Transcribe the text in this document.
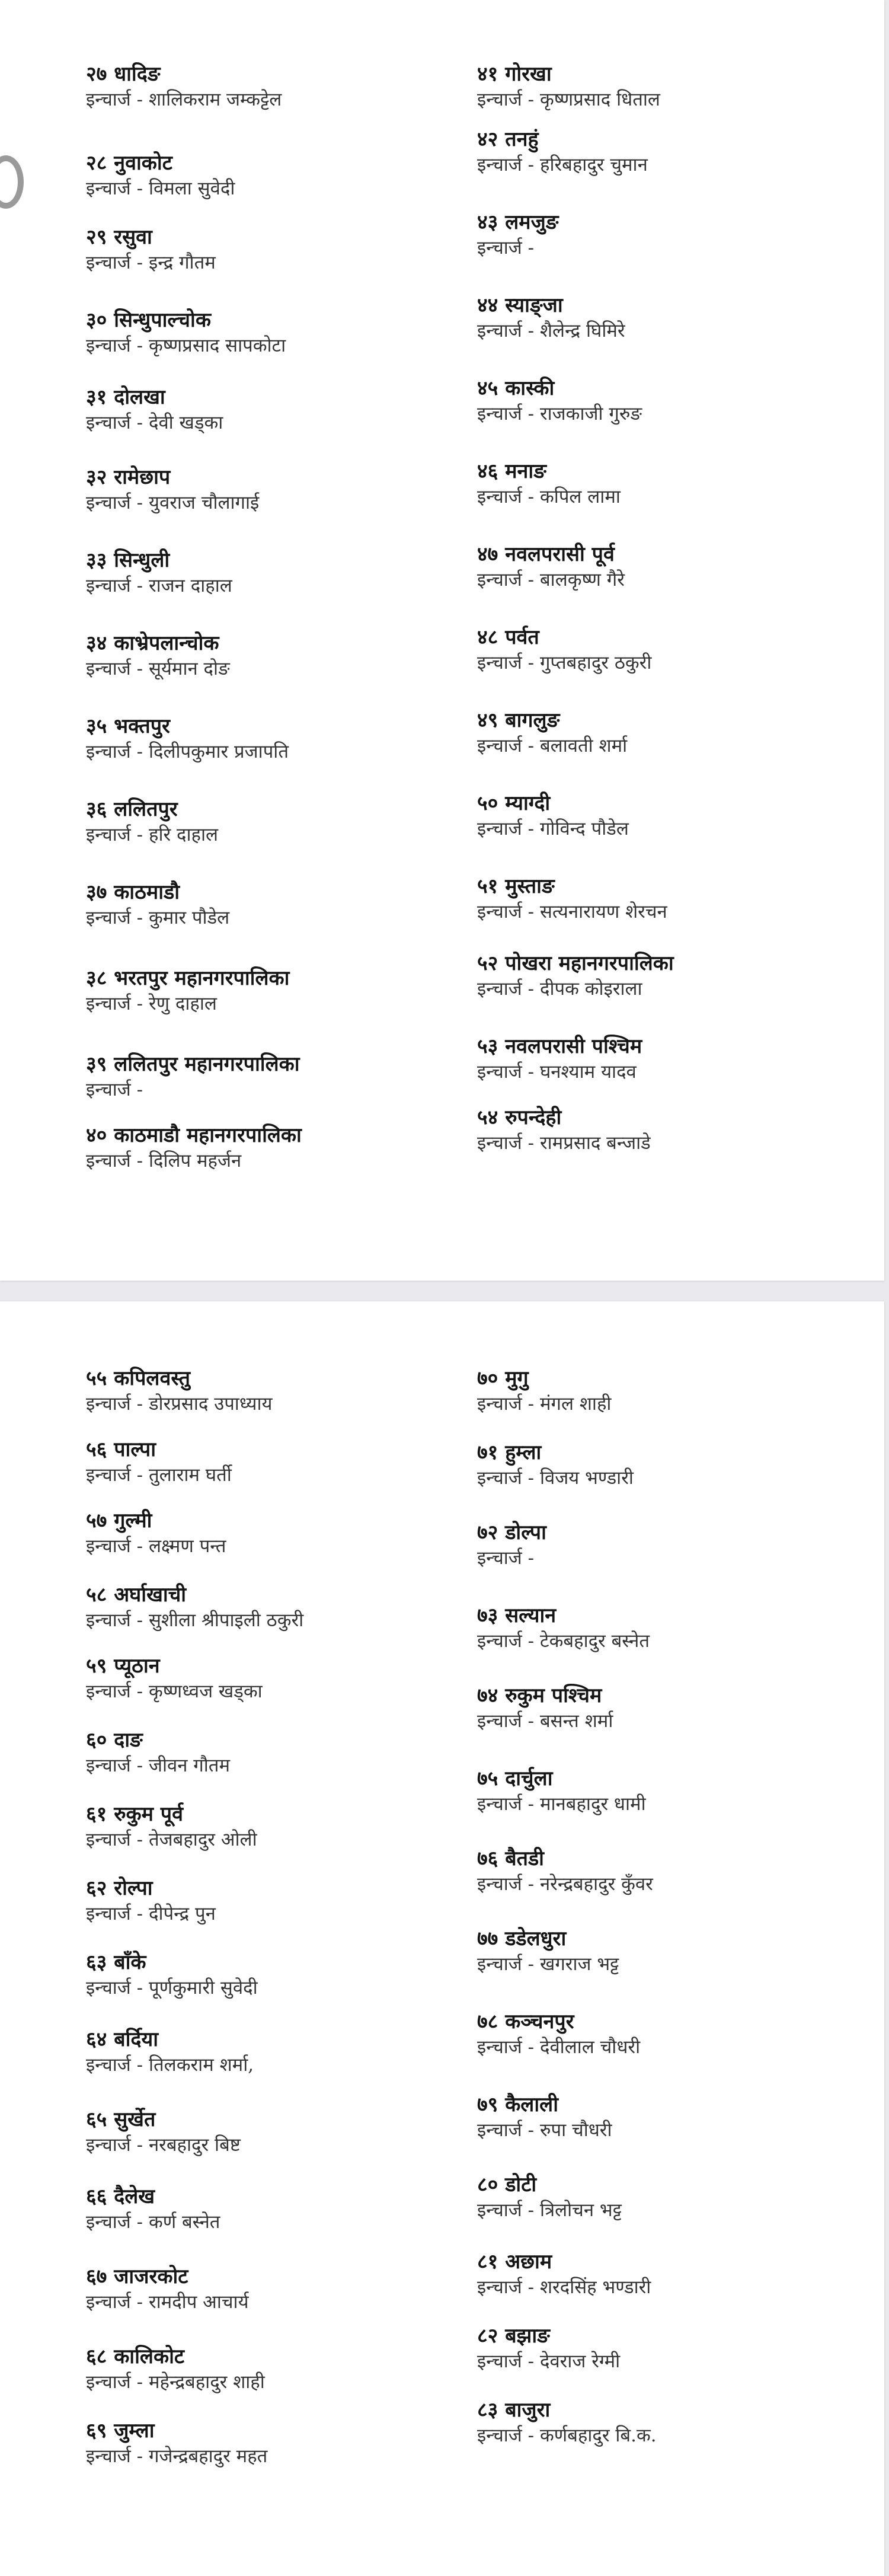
२७ धादिङ
इन्चार्ज - शालिकराम जम्कट्टेल
२८ नुवाकोट
इन्चार्ज - विमला सुवेदी
२९ रसुवा
इन्चार्ज - इन्द्र गौतम
३० सिन्धुपाल्चोक
इन्चार्ज - कृष्णप्रसाद सापकोटा
३१ दोलखा
इन्चार्ज - देवी खड्का
३२ रामेछाप
इन्चार्ज - युवराज चौलागाई
३३ सिन्धुली
इन्चार्ज - राजन दाहाल
३४ काभ्रेपलान्चोक
इन्चार्ज - सूर्यमान दोङ
३५ भक्तपुर
इन्चार्ज - दिलीपकुमार प्रजापति
३६ ललितपुर
इन्चार्ज - हरि दाहाल
३७ काठमाडौ
इन्चार्ज - कुमार पौडेल
३८ भरतपुर महानगरपालिका
इन्चार्ज - रेणु दाहाल
३९ ललितपुर महानगरपालिका
इन्चार्ज -
४० काठमाडौ महानगरपालिका
इन्चार्ज - दिलिप महर्जन
४१ गोरखा
इन्चार्ज - कृष्णप्रसाद धिताल
४२ तनहुं
इन्चार्ज - हरिबहादुर चुमान
४३ लमजुङ
इन्चार्ज -
४४ स्याङ्जा
इन्चार्ज - शैलेन्द्र घिमिरे
४५ कास्की
इन्चार्ज - राजकाजी गुरुङ
४६ मनाङ
इन्चार्ज - कपिल लामा
४७ नवलपरासी पूर्व
इन्चार्ज - बालकृष्ण गैरे
४८ पर्वत
इन्चार्ज - गुप्तबहादुर ठकुरी
४९ बागलुङ
इन्चार्ज - बलावती शर्मा
५० म्याग्दी
इन्चार्ज - गोविन्द पौडेल
५१ मुस्ताङ
इन्चार्ज - सत्यनारायण शेरचन
५२ पोखरा महानगरपालिका
इन्चार्ज - दीपक कोइराला
५३ नवलपरासी पश्चिम
इन्चार्ज - घनश्याम यादव
५४ रुपन्देही
इन्चार्ज - रामप्रसाद बन्जाडे
५५ कपिलवस्तु
इन्चार्ज - डोरप्रसाद उपाध्याय
५६ पाल्पा
इन्चार्ज - तुलाराम घर्ती
५७ गुल्मी
इन्चार्ज - लक्ष्मण पन्त
५८ अर्घाखाची
इन्चार्ज - सुशीला श्रीपाइली ठकुरी
५९ प्यूठान
इन्चार्ज - कृष्णध्वज खड्का
६० दाङ
इन्चार्ज - जीवन गौतम
६१ रुकुम पूर्व
इन्चार्ज - तेजबहादुर ओली
६२ रोल्पा
इन्चार्ज - दीपेन्द्र पुन
६३ बाँके
इन्चार्ज - पूर्णकुमारी सुवेदी
६४ बर्दिया
इन्चार्ज - तिलकराम शर्मा,
६५ सुर्खेत
इन्चार्ज - नरबहादुर बिष्ट
६६ दैलेख
इन्चार्ज - कर्ण बस्नेत
६७ जाजरकोट
इन्चार्ज - रामदीप आचार्य
६८ कालिकोट
इन्चार्ज - महेन्द्रबहादुर शाही
६९ जुम्ला
इन्चार्ज - गजेन्द्रबहादुर महत
७० मुगु
इन्चार्ज - मंगल शाही
७१ हुम्ला
इन्चार्ज - विजय भण्डारी
७२ डोल्पा
इन्चार्ज -
७३ सल्यान
इन्चार्ज - टेकबहादुर बस्नेत
७४ रुकुम पश्चिम
इन्चार्ज - बसन्त शर्मा
७५ दार्चुला
इन्चार्ज - मानबहादुर धामी
७६ बैतडी
इन्चार्ज - नरेन्द्रबहादुर कुँवर
७७ डडेलधुरा
इन्चार्ज - खगराज भट्ट
७८ कञ्चनपुर
इन्चार्ज - देवीलाल चौधरी
७९ कैलाली
इन्चार्ज - रुपा चौधरी
८० डोटी
इन्चार्ज - त्रिलोचन भट्ट
८१ अछाम
इन्चार्ज - शरदसिंह भण्डारी
८२ बझाङ
इन्चार्ज - देवराज रेग्मी
८३ बाजुरा
इन्चार्ज - कर्णबहादुर बि.क.
